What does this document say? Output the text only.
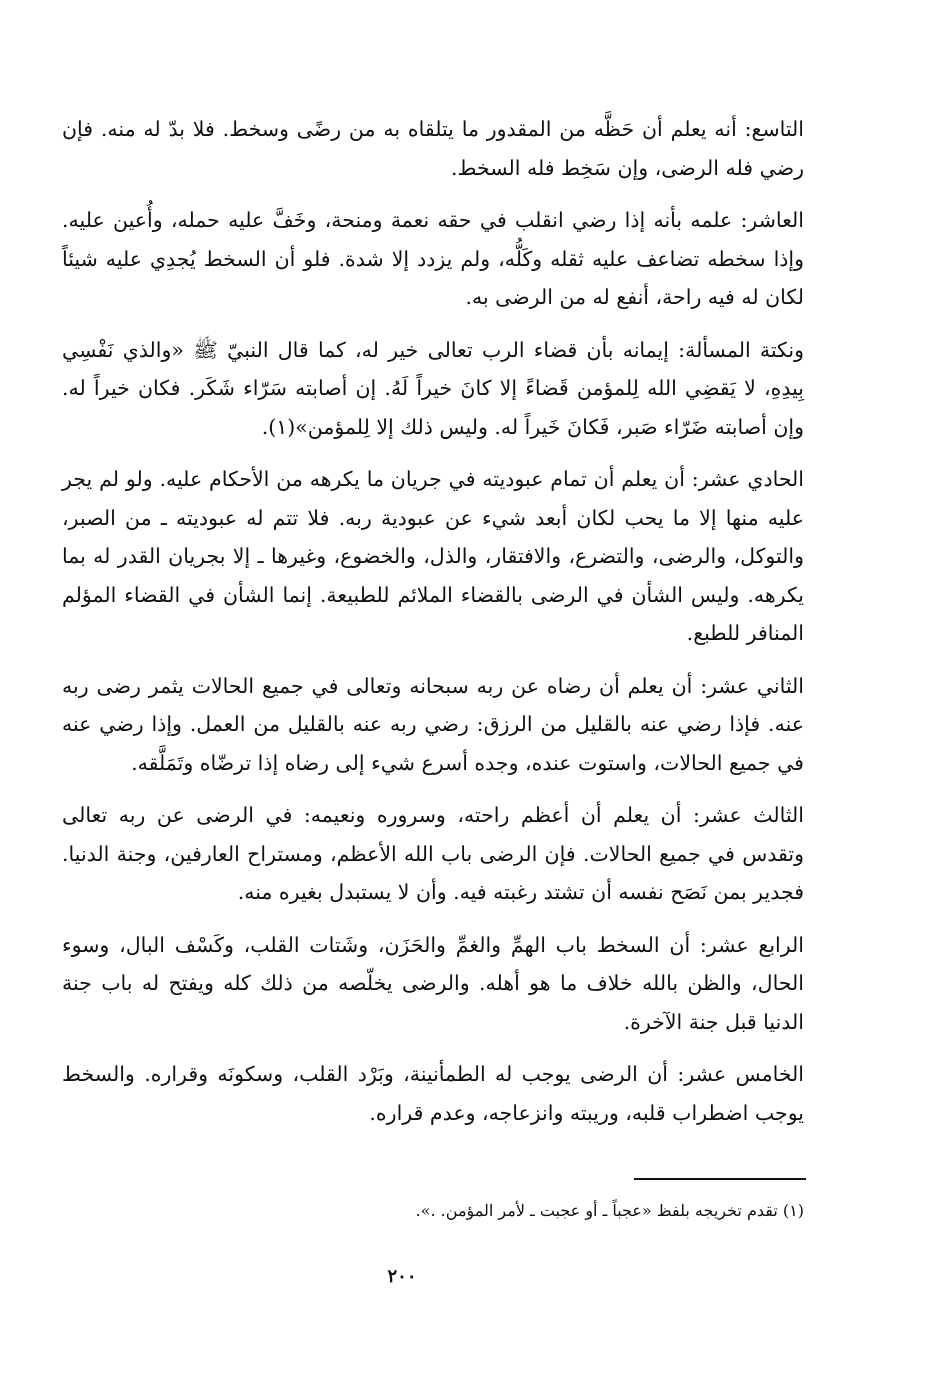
التاسع: أنه يعلم أن حَظَّه من المقدور ما يتلقاه به من رضًى وسخط. فلا بدّ له منه. فإن رضي فله الرضى، وإن سَخِط فله السخط.

العاشر: علمه بأنه إذا رضي انقلب في حقه نعمة ومنحة، وخَفَّ عليه حمله، وأُعين عليه. وإذا سخطه تضاعف عليه ثقله وكَلُّه، ولم يزدد إلا شدة. فلو أن السخط يُجدِي عليه شيئاً لكان له فيه راحة، أنفع له من الرضى به.

ونكتة المسألة: إيمانه بأن قضاء الرب تعالى خير له، كما قال النبيّ ﷺ «والذي نَفْسِي بِيدِهِ، لا يَقضِي الله لِلمؤمن قَضاءً إلا كانَ خيراً لَهُ. إن أصابته سَرّاء شَكَر. فكان خيراً له. وإن أصابته ضَرّاء صَبر، فَكانَ خَيراً له. وليس ذلك إلا لِلمؤمن»(١).

الحادي عشر: أن يعلم أن تمام عبوديته في جريان ما يكرهه من الأحكام عليه. ولو لم يجر عليه منها إلا ما يحب لكان أبعد شيء عن عبودية ربه. فلا تتم له عبوديته ـ من الصبر، والتوكل، والرضى، والتضرع، والافتقار، والذل، والخضوع، وغيرها ـ إلا بجريان القدر له بما يكرهه. وليس الشأن في الرضى بالقضاء الملائم للطبيعة. إنما الشأن في القضاء المؤلم المنافر للطبع.

الثاني عشر: أن يعلم أن رضاه عن ربه سبحانه وتعالى في جميع الحالات يثمر رضى ربه عنه. فإذا رضي عنه بالقليل من الرزق: رضي ربه عنه بالقليل من العمل. وإذا رضي عنه في جميع الحالات، واستوت عنده، وجده أسرع شيء إلى رضاه إذا ترضّاه وتَمَلَّقه.

الثالث عشر: أن يعلم أن أعظم راحته، وسروره ونعيمه: في الرضى عن ربه تعالى وتقدس في جميع الحالات. فإن الرضى باب الله الأعظم، ومستراح العارفين، وجنة الدنيا. فجدير بمن نَصَح نفسه أن تشتد رغبته فيه. وأن لا يستبدل بغيره منه.

الرابع عشر: أن السخط باب الهمِّ والغمِّ والحَزَن، وشَتات القلب، وكَسْف البال، وسوء الحال، والظن بالله خلاف ما هو أهله. والرضى يخلّصه من ذلك كله ويفتح له باب جنة الدنيا قبل جنة الآخرة.

الخامس عشر: أن الرضى يوجب له الطمأنينة، وبَرْد القلب، وسكونَه وقراره. والسخط يوجب اضطراب قلبه، وريبته وانزعاجه، وعدم قراره.

(١) تقدم تخريجه بلفظ «عجباً ـ أو عجبت ـ لأمر المؤمن. .».
٢٠٠
